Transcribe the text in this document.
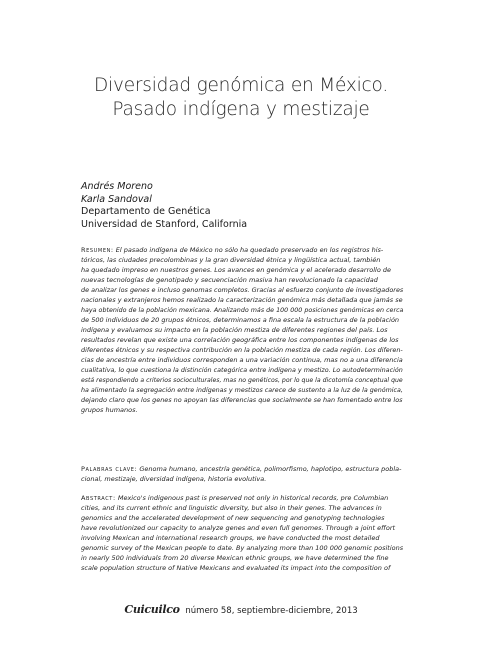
Diversidad genómica en México.
Pasado indígena y mestizaje
Andrés Moreno
Karla Sandoval
Departamento de Genética
Universidad de Stanford, California
Resumen: El pasado indígena de México no sólo ha quedado preservado en los registros his-
tóricos, las ciudades precolombinas y la gran diversidad étnica y lingüística actual, también
ha quedado impreso en nuestros genes. Los avances en genómica y el acelerado desarrollo de
nuevas tecnologías de genotipado y secuenciación masiva han revolucionado la capacidad
de analizar los genes e incluso genomas completos. Gracias al esfuerzo conjunto de investigadores
nacionales y extranjeros hemos realizado la caracterización genómica más detallada que jamás se
haya obtenido de la población mexicana. Analizando más de 100 000 posiciones genómicas en cerca
de 500 individuos de 20 grupos étnicos, determinamos a fina escala la estructura de la población
indígena y evaluamos su impacto en la población mestiza de diferentes regiones del país. Los
resultados revelan que existe una correlación geográfica entre los componentes indígenas de los
diferentes étnicos y su respectiva contribución en la población mestiza de cada región. Los diferen-
cias de ancestría entre individuos corresponden a una variación continua, mas no a una diferencia
cualitativa, lo que cuestiona la distinción categórica entre indígena y mestizo. Lo autodeterminación
está respondiendo a criterios socioculturales, mas no genéticos, por lo que la dicotomía conceptual que
ha alimentado la segregación entre indígenas y mestizos carece de sustento a la luz de la genómica,
dejando claro que los genes no apoyan las diferencias que socialmente se han fomentado entre los
grupos humanos.
Palabras clave: Genoma humano, ancestría genética, polimorfismo, haplotipo, estructura pobla-
cional, mestizaje, diversidad indígena, historia evolutiva.
Abstract: Mexico's indigenous past is preserved not only in historical records, pre Columbian
cities, and its current ethnic and linguistic diversity, but also in their genes. The advances in
genomics and the accelerated development of new sequencing and genotyping technologies
have revolutionized our capacity to analyze genes and even full genomes. Through a joint effort
involving Mexican and international research groups, we have conducted the most detailed
genomic survey of the Mexican people to date. By analyzing more than 100 000 genomic positions
in nearly 500 individuals from 20 diverse Mexican ethnic groups, we have determined the fine
scale population structure of Native Mexicans and evaluated its impact into the composition of
Cuicuilco número 58, septiembre-diciembre, 2013
